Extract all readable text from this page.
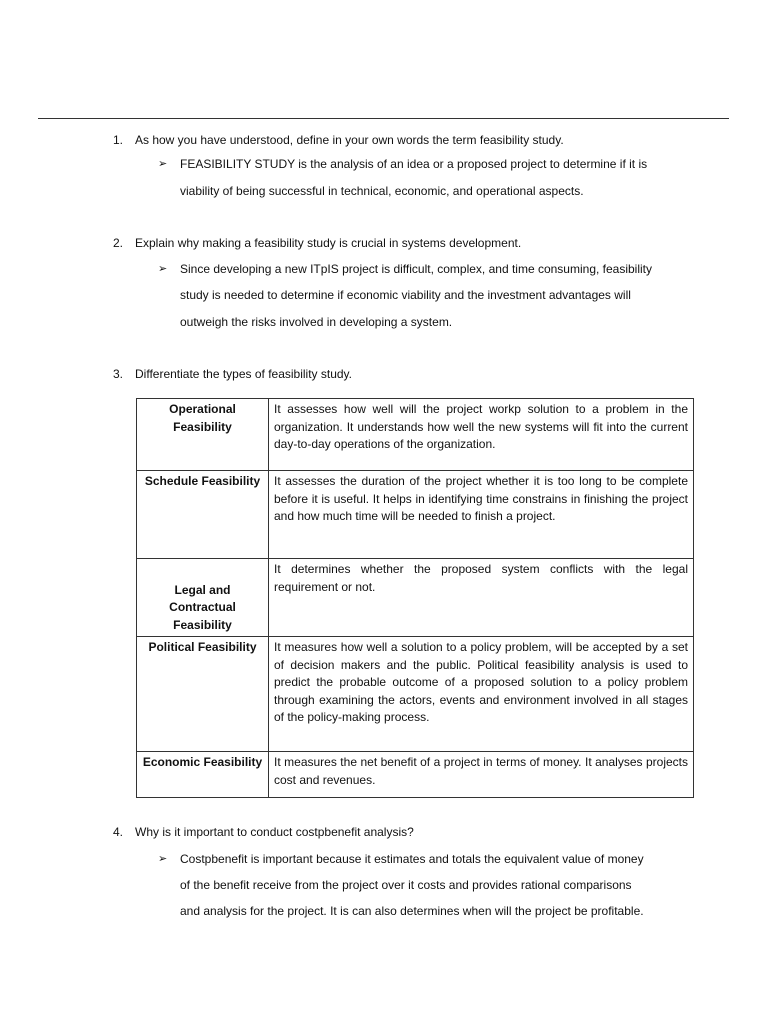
1. As how you have understood, define in your own words the term feasibility study.
➢ FEASIBILITY STUDY is the analysis of an idea or a proposed project to determine if it is
viability of being successful in technical, economic, and operational aspects.
2. Explain why making a feasibility study is crucial in systems development.
➢ Since developing a new ITpIS project is difficult, complex, and time consuming, feasibility
study is needed to determine if economic viability and the investment advantages will
outweigh the risks involved in developing a system.
3. Differentiate the types of feasibility study.
Operational Feasibility	It assesses how well will the project workp solution to a problem in the organization. It understands how well the new systems will fit into the current day-to-day operations of the organization.
Schedule Feasibility	It assesses the duration of the project whether it is too long to be complete before it is useful. It helps in identifying time constrains in finishing the project and how much time will be needed to finish a project.
Legal and Contractual Feasibility	It determines whether the proposed system conflicts with the legal requirement or not.
Political Feasibility	It measures how well a solution to a policy problem, will be accepted by a set of decision makers and the public. Political feasibility analysis is used to predict the probable outcome of a proposed solution to a policy problem through examining the actors, events and environment involved in all stages of the policy-making process.
Economic Feasibility	It measures the net benefit of a project in terms of money. It analyses projects cost and revenues.
4. Why is it important to conduct costpbenefit analysis?
➢ Costpbenefit is important because it estimates and totals the equivalent value of money
of the benefit receive from the project over it costs and provides rational comparisons
and analysis for the project. It is can also determines when will the project be profitable.
